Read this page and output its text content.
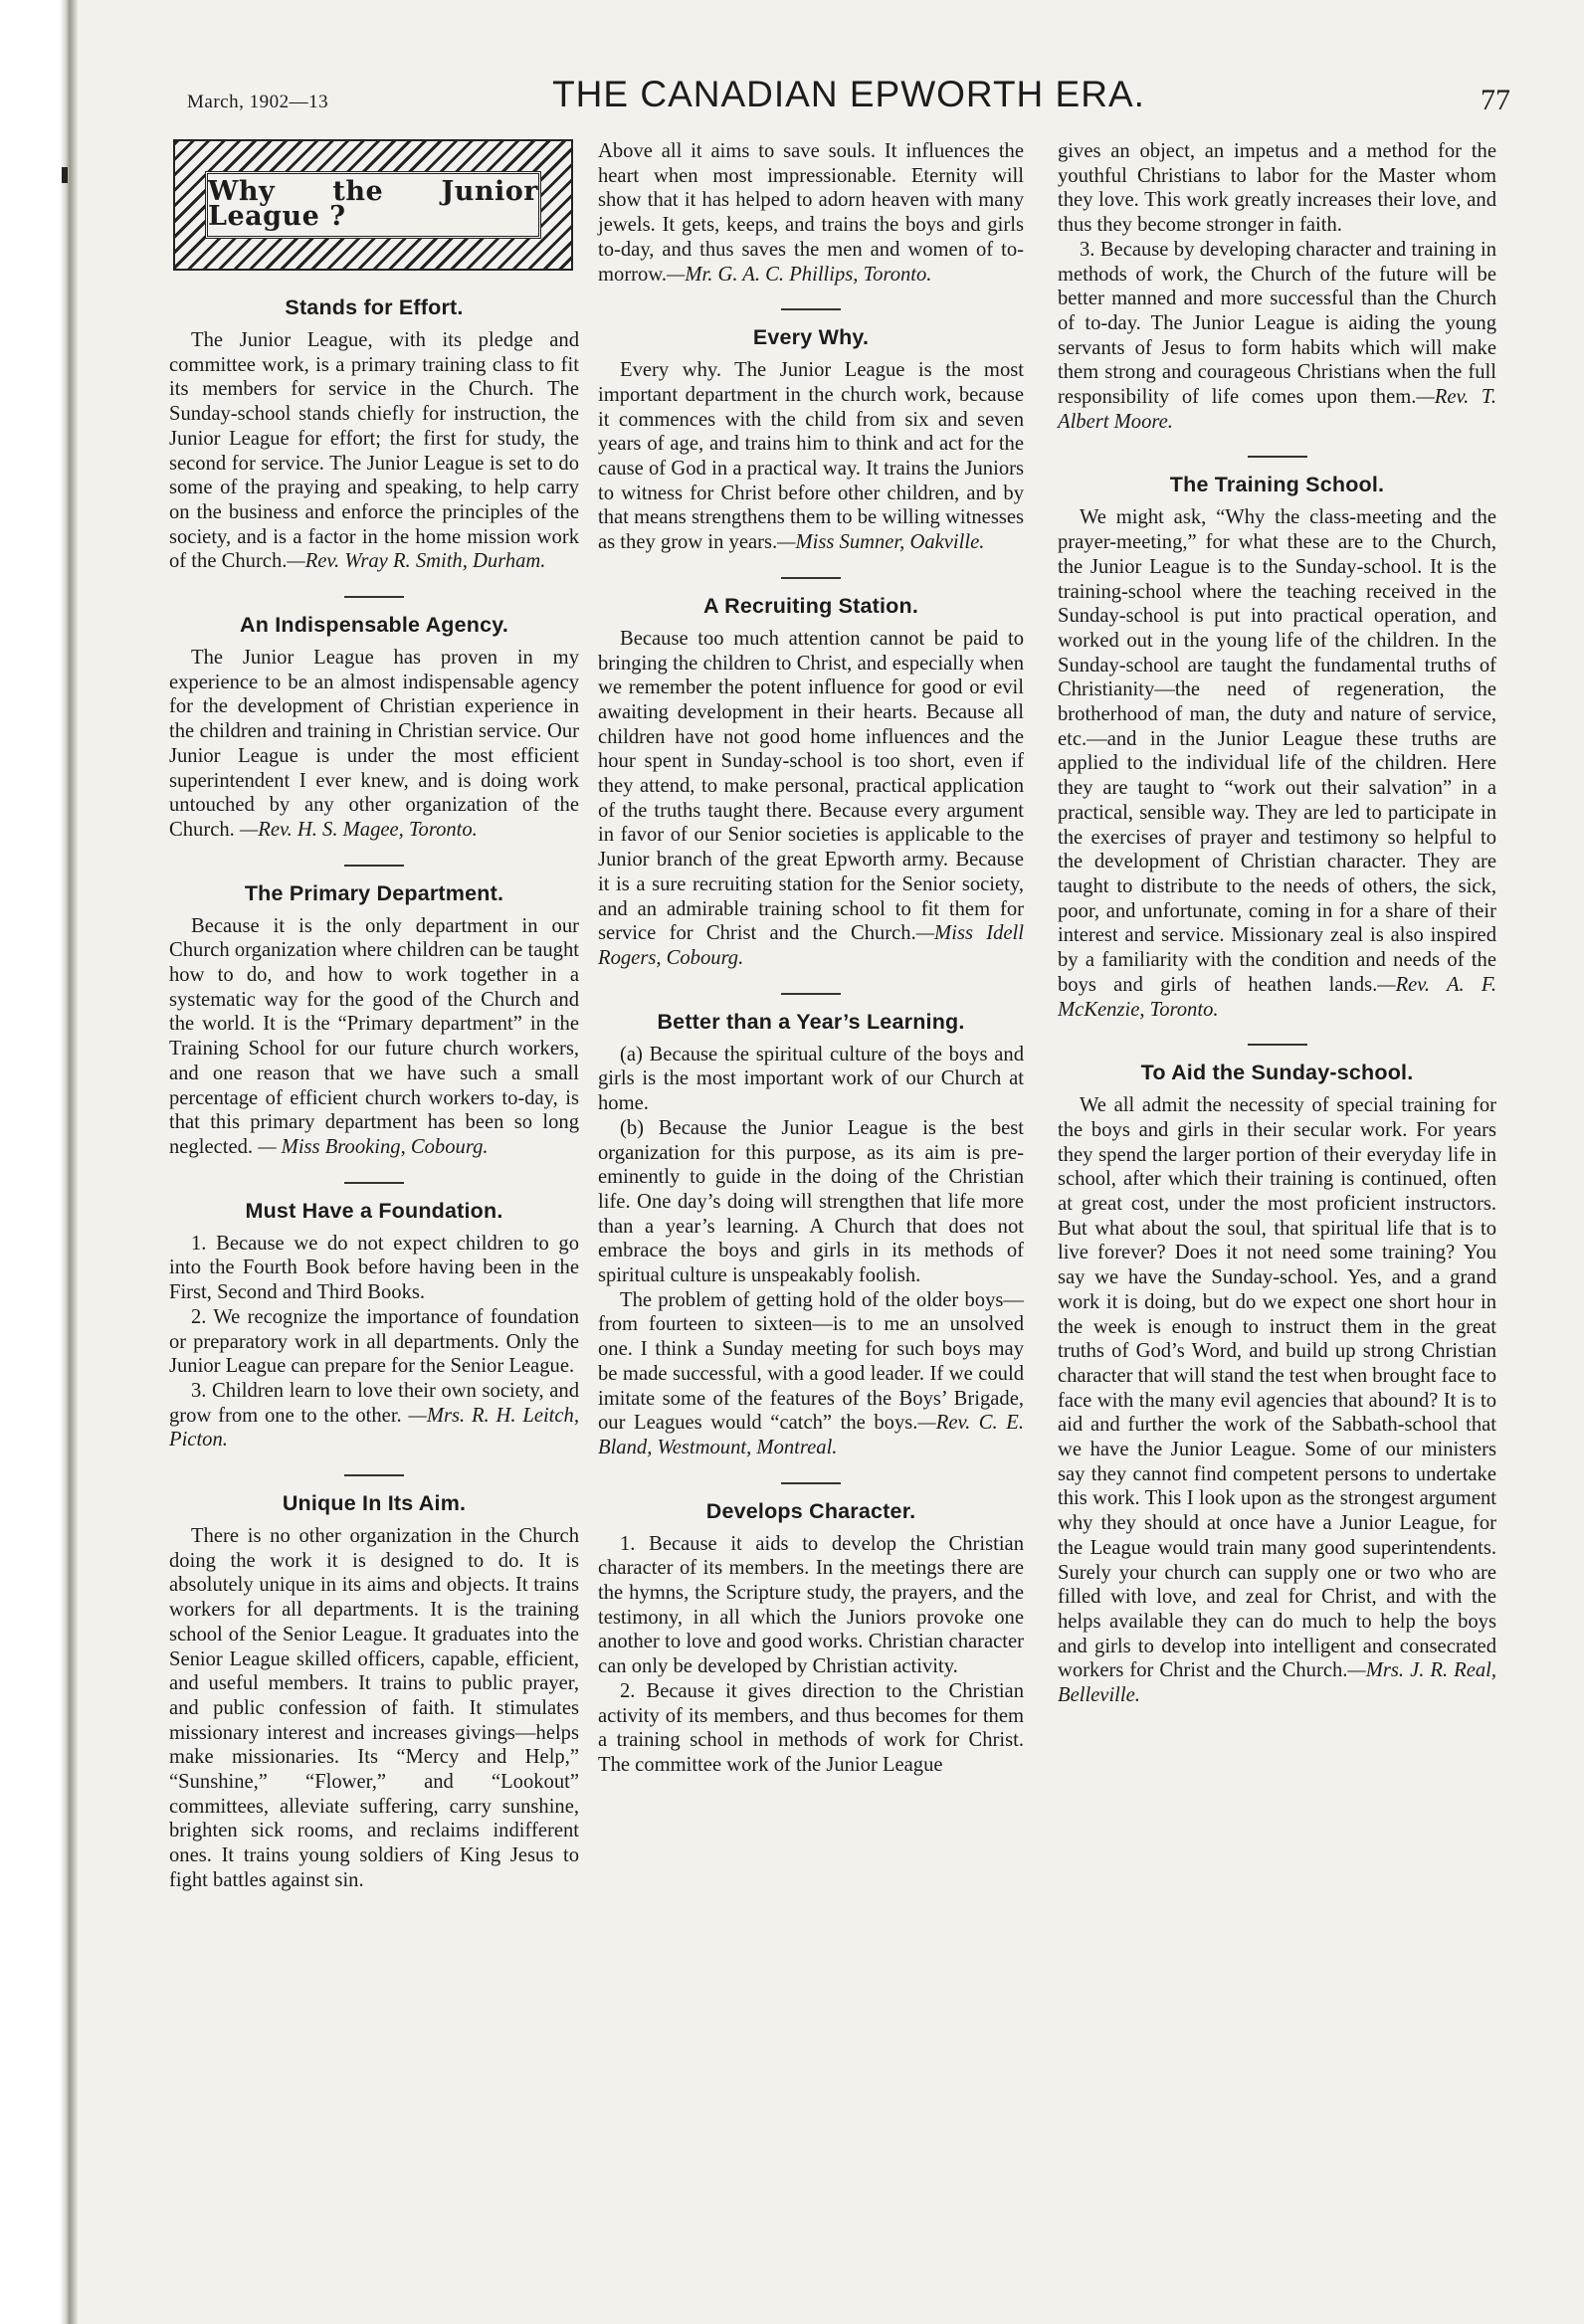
March, 1902—13	THE CANADIAN EPWORTH ERA.	77
Why the Junior League ?
Stands for Effort.

The Junior League, with its pledge and committee work, is a primary training class to fit its members for service in the Church. The Sunday-school stands chiefly for instruction, the Junior League for effort; the first for study, the second for service. The Junior League is set to do some of the praying and speaking, to help carry on the business and enforce the principles of the society, and is a factor in the home mission work of the Church.—Rev. Wray R. Smith, Durham.

An Indispensable Agency.

The Junior League has proven in my experience to be an almost indispensable agency for the development of Christian experience in the children and training in Christian service. Our Junior League is under the most efficient superintendent I ever knew, and is doing work untouched by any other organization of the Church. —Rev. H. S. Magee, Toronto.

The Primary Department.

Because it is the only department in our Church organization where children can be taught how to do, and how to work together in a systematic way for the good of the Church and the world. It is the “Primary department” in the Training School for our future church workers, and one reason that we have such a small percentage of efficient church workers to-day, is that this primary department has been so long neglected. — Miss Brooking, Cobourg.

Must Have a Foundation.

1. Because we do not expect children to go into the Fourth Book before having been in the First, Second and Third Books.

2. We recognize the importance of foundation or preparatory work in all departments. Only the Junior League can prepare for the Senior League.

3. Children learn to love their own society, and grow from one to the other. —Mrs. R. H. Leitch, Picton.

Unique In Its Aim.

There is no other organization in the Church doing the work it is designed to do. It is absolutely unique in its aims and objects. It trains workers for all departments. It is the training school of the Senior League. It graduates into the Senior League skilled officers, capable, efficient, and useful members. It trains to public prayer, and public confession of faith. It stimulates missionary interest and increases givings—helps make missionaries. Its “Mercy and Help,” “Sunshine,” “Flower,” and “Lookout” committees, alleviate suffering, carry sunshine, brighten sick rooms, and reclaims indifferent ones. It trains young soldiers of King Jesus to fight battles against sin.

Above all it aims to save souls. It influences the heart when most impressionable. Eternity will show that it has helped to adorn heaven with many jewels. It gets, keeps, and trains the boys and girls to-day, and thus saves the men and women of to-morrow.—Mr. G. A. C. Phillips, Toronto.

Every Why.

Every why. The Junior League is the most important department in the church work, because it commences with the child from six and seven years of age, and trains him to think and act for the cause of God in a practical way. It trains the Juniors to witness for Christ before other children, and by that means strengthens them to be willing witnesses as they grow in years.—Miss Sumner, Oakville.

A Recruiting Station.

Because too much attention cannot be paid to bringing the children to Christ, and especially when we remember the potent influence for good or evil awaiting development in their hearts. Because all children have not good home influences and the hour spent in Sunday-school is too short, even if they attend, to make personal, practical application of the truths taught there. Because every argument in favor of our Senior societies is applicable to the Junior branch of the great Epworth army. Because it is a sure recruiting station for the Senior society, and an admirable training school to fit them for service for Christ and the Church.—Miss Idell Rogers, Cobourg.

Better than a Year’s Learning.

(a) Because the spiritual culture of the boys and girls is the most important work of our Church at home.

(b) Because the Junior League is the best organization for this purpose, as its aim is pre-eminently to guide in the doing of the Christian life. One day’s doing will strengthen that life more than a year’s learning. A Church that does not embrace the boys and girls in its methods of spiritual culture is unspeakably foolish.

The problem of getting hold of the older boys—from fourteen to sixteen—is to me an unsolved one. I think a Sunday meeting for such boys may be made successful, with a good leader. If we could imitate some of the features of the Boys’ Brigade, our Leagues would “catch” the boys.—Rev. C. E. Bland, Westmount, Montreal.

Develops Character.

1. Because it aids to develop the Christian character of its members. In the meetings there are the hymns, the Scripture study, the prayers, and the testimony, in all which the Juniors provoke one another to love and good works. Christian character can only be developed by Christian activity.

2. Because it gives direction to the Christian activity of its members, and thus becomes for them a training school in methods of work for Christ. The committee work of the Junior League

gives an object, an impetus and a method for the youthful Christians to labor for the Master whom they love. This work greatly increases their love, and thus they become stronger in faith.

3. Because by developing character and training in methods of work, the Church of the future will be better manned and more successful than the Church of to-day. The Junior League is aiding the young servants of Jesus to form habits which will make them strong and courageous Christians when the full responsibility of life comes upon them.—Rev. T. Albert Moore.

The Training School.

We might ask, “Why the class-meeting and the prayer-meeting,” for what these are to the Church, the Junior League is to the Sunday-school. It is the training-school where the teaching received in the Sunday-school is put into practical operation, and worked out in the young life of the children. In the Sunday-school are taught the fundamental truths of Christianity—the need of regeneration, the brotherhood of man, the duty and nature of service, etc.—and in the Junior League these truths are applied to the individual life of the children. Here they are taught to “work out their salvation” in a practical, sensible way. They are led to participate in the exercises of prayer and testimony so helpful to the development of Christian character. They are taught to distribute to the needs of others, the sick, poor, and unfortunate, coming in for a share of their interest and service. Missionary zeal is also inspired by a familiarity with the condition and needs of the boys and girls of heathen lands.—Rev. A. F. McKenzie, Toronto.

To Aid the Sunday-school.

We all admit the necessity of special training for the boys and girls in their secular work. For years they spend the larger portion of their everyday life in school, after which their training is continued, often at great cost, under the most proficient instructors. But what about the soul, that spiritual life that is to live forever? Does it not need some training? You say we have the Sunday-school. Yes, and a grand work it is doing, but do we expect one short hour in the week is enough to instruct them in the great truths of God’s Word, and build up strong Christian character that will stand the test when brought face to face with the many evil agencies that abound? It is to aid and further the work of the Sabbath-school that we have the Junior League. Some of our ministers say they cannot find competent persons to undertake this work. This I look upon as the strongest argument why they should at once have a Junior League, for the League would train many good superintendents. Surely your church can supply one or two who are filled with love, and zeal for Christ, and with the helps available they can do much to help the boys and girls to develop into intelligent and consecrated workers for Christ and the Church.—Mrs. J. R. Real, Belleville.
